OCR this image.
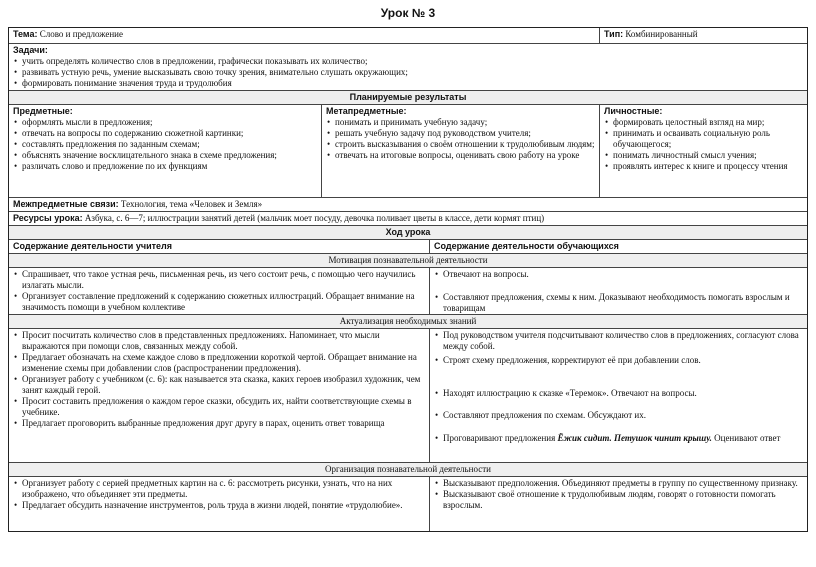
Урок № 3
Тема: Слово и предложение	Тип: Комбинированный
Задачи:
• учить определять количество слов в предложении, графически показывать их количество;
• развивать устную речь, умение высказывать свою точку зрения, внимательно слушать окружающих;
• формировать понимание значения труда и трудолюбия
Планируемые результаты
Предметные:
• оформлять мысли в предложения;
• отвечать на вопросы по содержанию сюжетной картинки;
• составлять предложения по заданным схемам;
• объяснять значение восклицательного знака в схеме предложения;
• различать слово и предложение по их функциям
Метапредметные:
• понимать и принимать учебную задачу;
• решать учебную задачу под руководством учителя;
• строить высказывания о своём отношении к трудолюбивым людям;
• отвечать на итоговые вопросы, оценивать свою работу на уроке
Личностные:
• формировать целостный взгляд на мир;
• принимать и осваивать социальную роль обучающегося;
• понимать личностный смысл учения;
• проявлять интерес к книге и процессу чтения
Межпредметные связи: Технология, тема «Человек и Земля»
Ресурсы урока: Азбука, с. 6—7; иллюстрации занятий детей (мальчик моет посуду, девочка поливает цветы в классе, дети кормят птиц)
Ход урока
Содержание деятельности учителя	Содержание деятельности обучающихся
Мотивация познавательной деятельности
• Спрашивает, что такое устная речь, письменная речь, из чего состоит речь, с помощью чего научились излагать мысли.
• Организует составление предложений к содержанию сюжетных иллюстраций. Обращает внимание на значимость помощи в учебном коллективе
• Отвечают на вопросы.
• Составляют предложения, схемы к ним. Доказывают необходимость помогать взрослым и товарищам
Актуализация необходимых знаний
• Просит посчитать количество слов в представленных предложениях. Напоминает, что мысли выражаются при помощи слов, связанных между собой.
• Предлагает обозначать на схеме каждое слово в предложении короткой чертой. Обращает внимание на изменение схемы при добавлении слов (распространении предложения).
• Организует работу с учебником (с. 6): как называется эта сказка, каких героев изобразил художник, чем занят каждый герой.
• Просит составить предложения о каждом герое сказки, обсудить их, найти соответствующие схемы в учебнике.
• Предлагает проговорить выбранные предложения друг другу в парах, оценить ответ товарища
• Под руководством учителя подсчитывают количество слов в предложениях, согласуют слова между собой.
• Строят схему предложения, корректируют её при добавлении слов.
• Находят иллюстрацию к сказке «Теремок». Отвечают на вопросы.
• Составляют предложения по схемам. Обсуждают их.
• Проговаривают предложения Ёжик сидит. Петушок чинит крышу. Оценивают ответ
Организация познавательной деятельности
• Организует работу с серией предметных картин на с. 6: рассмотреть рисунки, узнать, что на них изображено, что объединяет эти предметы.
• Предлагает обсудить назначение инструментов, роль труда в жизни людей, понятие «трудолюбие».
• Высказывают предположения. Объединяют предметы в группу по существенному признаку.
• Высказывают своё отношение к трудолюбивым людям, говорят о готовности помогать взрослым.
